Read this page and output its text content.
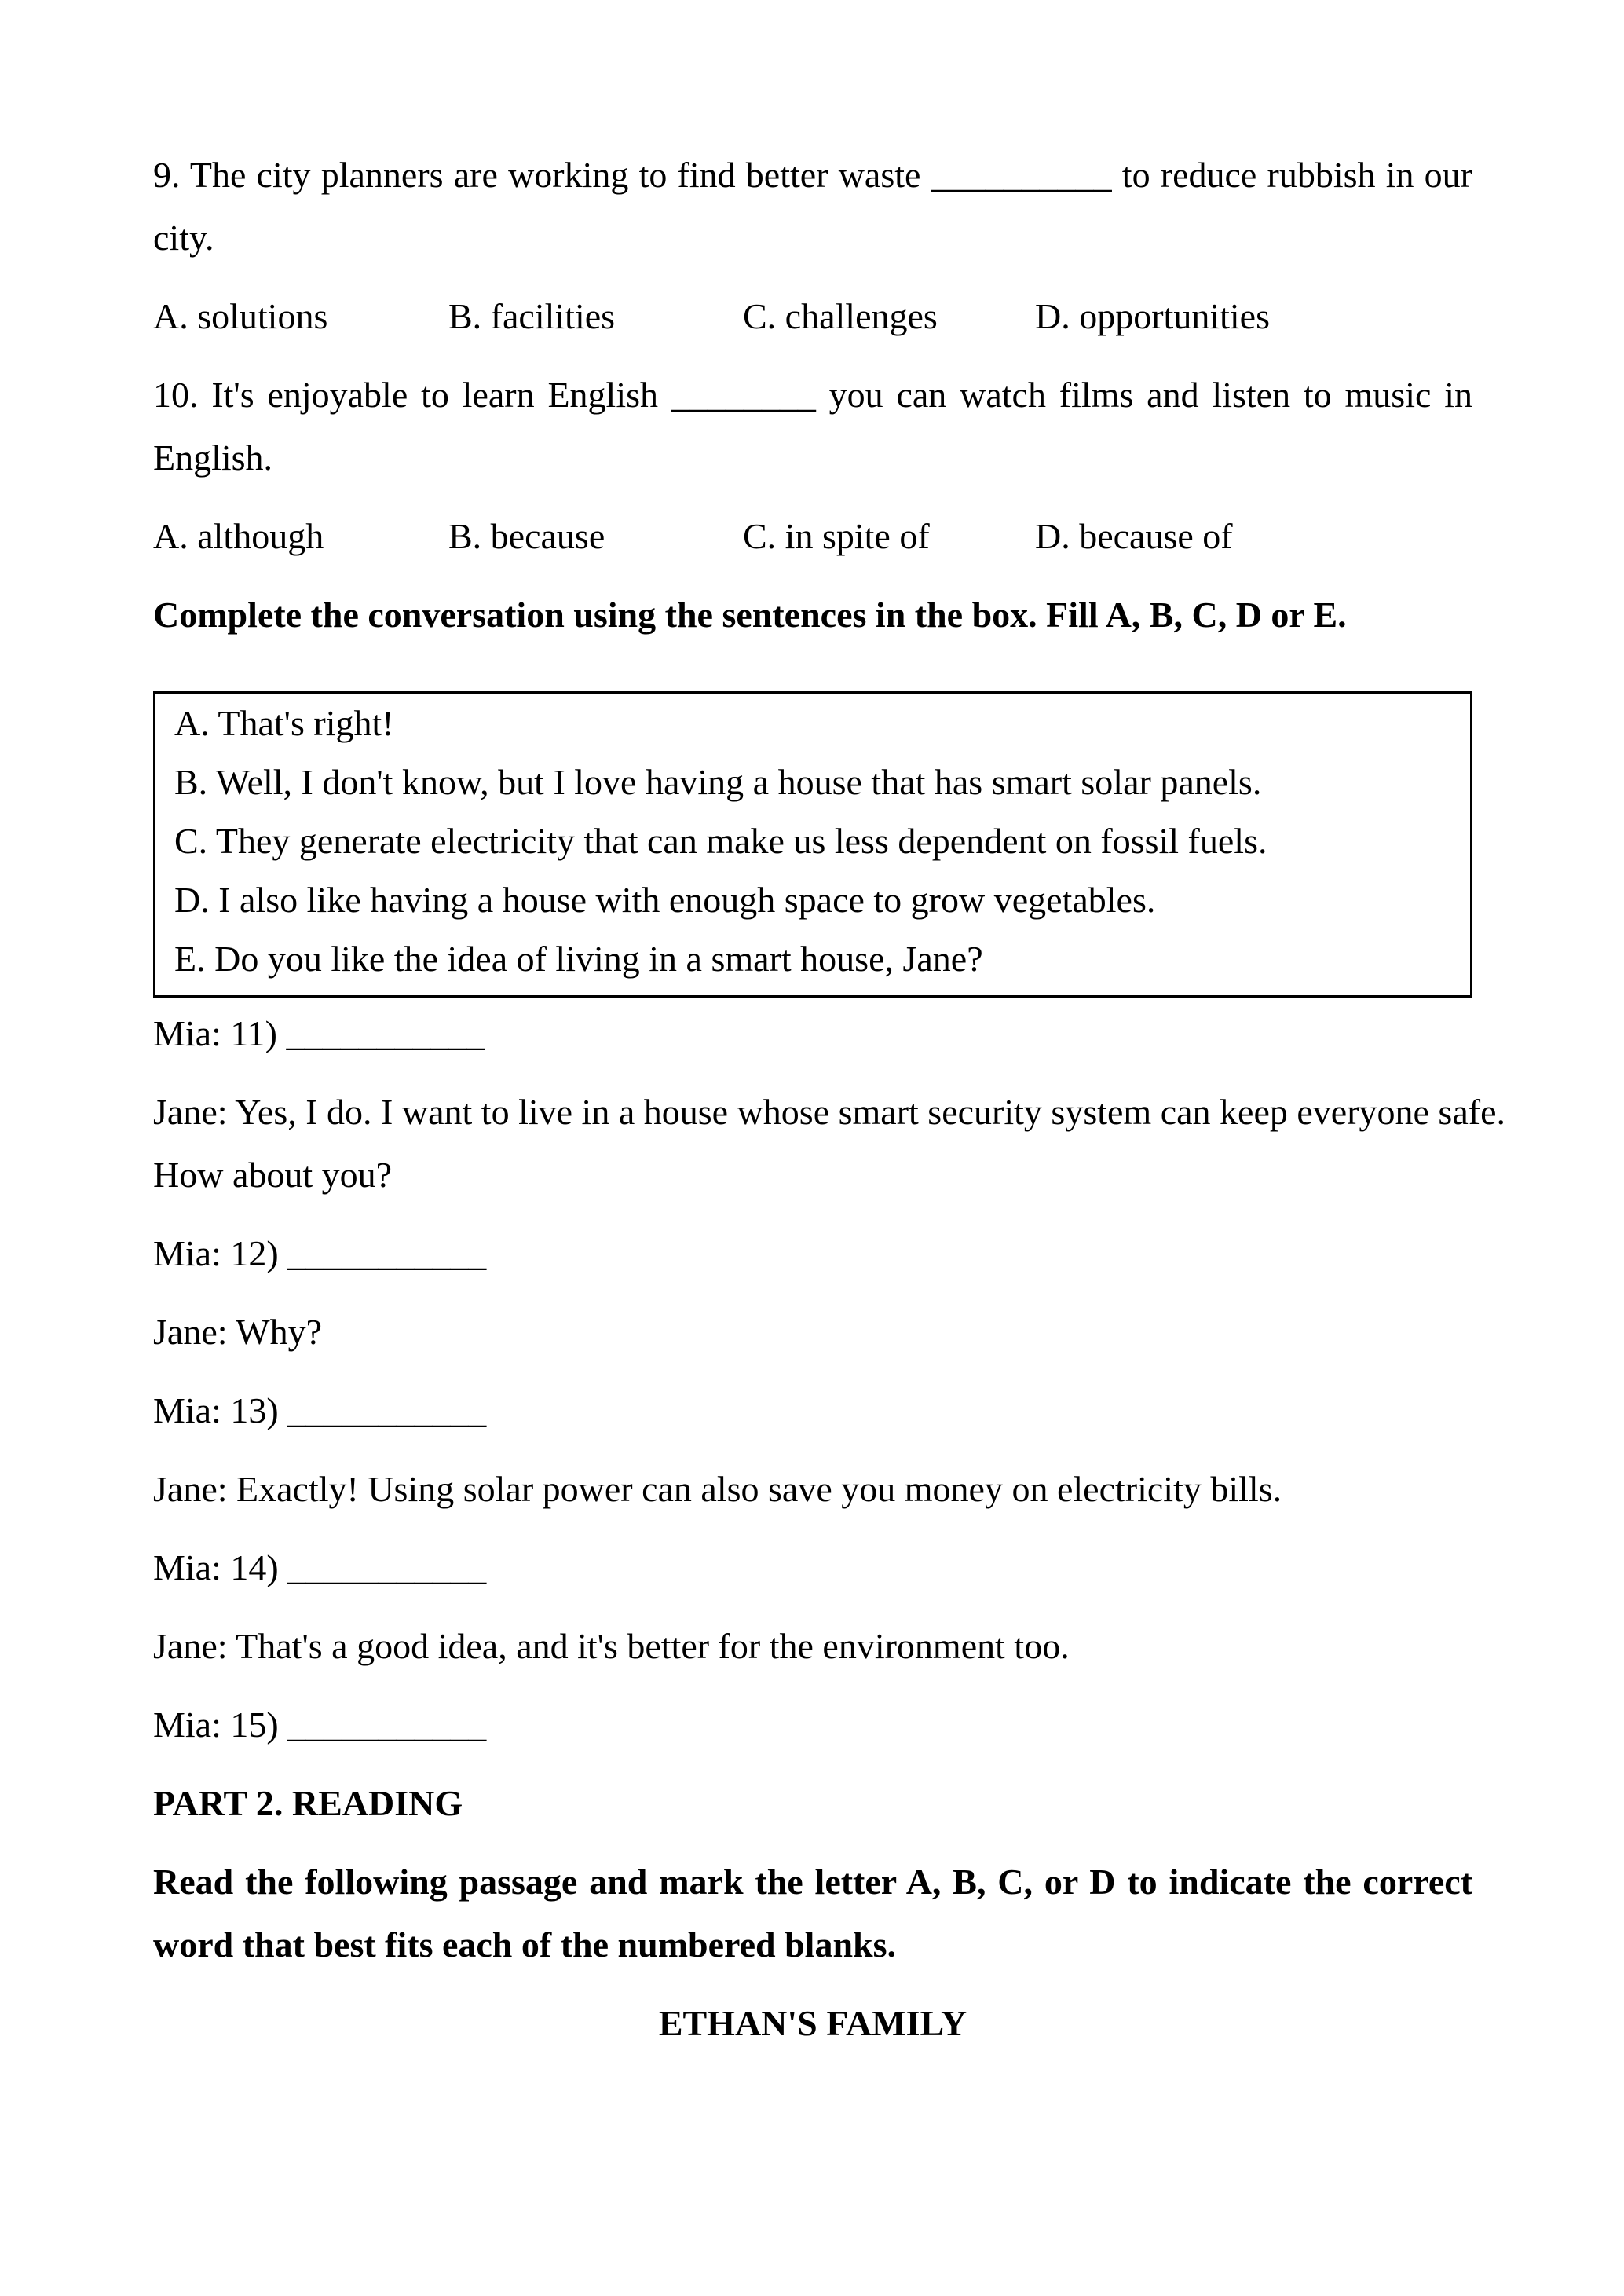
9. The city planners are working to find better waste __________ to reduce rubbish in our
city.
A. solutions	B. facilities	C. challenges	D. opportunities
10. It's enjoyable to learn English ________ you can watch films and listen to music in
English.
A. although	B. because	C. in spite of	D. because of
Complete the conversation using the sentences in the box. Fill A, B, C, D or E.
A. That's right!
B. Well, I don't know, but I love having a house that has smart solar panels.
C. They generate electricity that can make us less dependent on fossil fuels.
D. I also like having a house with enough space to grow vegetables.
E. Do you like the idea of living in a smart house, Jane?
Mia: 11) ___________
Jane: Yes, I do. I want to live in a house whose smart security system can keep everyone safe.
How about you?
Mia: 12) ___________
Jane: Why?
Mia: 13) ___________
Jane: Exactly! Using solar power can also save you money on electricity bills.
Mia: 14) ___________
Jane: That's a good idea, and it's better for the environment too.
Mia: 15) ___________
PART 2. READING
Read the following passage and mark the letter A, B, C, or D to indicate the correct
word that best fits each of the numbered blanks.
ETHAN'S FAMILY
